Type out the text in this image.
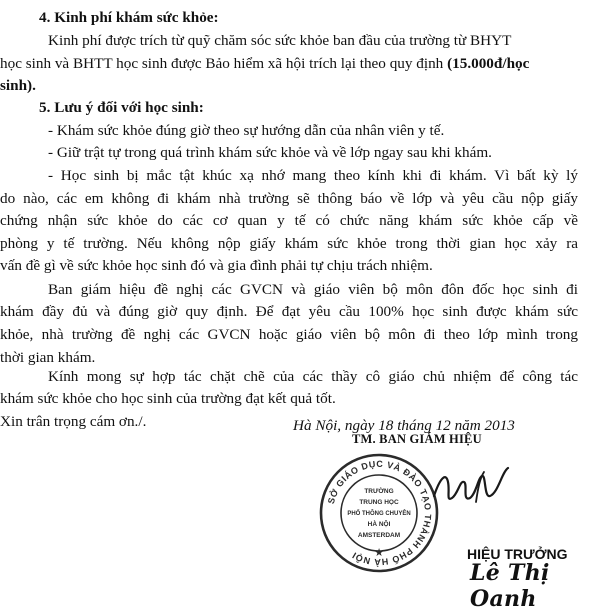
4. Kinh phí khám sức khỏe:
Kinh phí được trích từ quỹ chăm sóc sức khỏe ban đầu của trường từ BHYT
học sinh và BHTT học sinh được Bảo hiểm xã hội trích lại theo quy định (15.000đ/học
sinh).
5. Lưu ý đối với học sinh:
- Khám sức khỏe đúng giờ theo sự hướng dẫn của nhân viên y tế.
- Giữ trật tự trong quá trình khám sức khỏe và về lớp ngay sau khi khám.
- Học sinh bị mắc tật khúc xạ nhớ mang theo kính khi đi khám. Vì bất kỳ lý
do nào, các em không đi khám nhà trường sẽ thông báo về lớp và yêu cầu nộp giấy
chứng nhận sức khỏe do các cơ quan y tế có chức năng khám sức khỏe cấp về
phòng y tế trường. Nếu không nộp giấy khám sức khỏe trong thời gian học xảy ra
vấn đề gì về sức khỏe học sinh đó và gia đình phải tự chịu trách nhiệm.
Ban giám hiệu đề nghị các GVCN và giáo viên bộ môn đôn đốc học sinh đi
khám đầy đủ và đúng giờ quy định. Để đạt yêu cầu 100% học sinh được khám sức
khỏe, nhà trường đề nghị các GVCN hoặc giáo viên bộ môn đi theo lớp mình trong
thời gian khám.
Kính mong sự hợp tác chặt chẽ của các thầy cô giáo chủ nhiệm để công tác
khám sức khỏe cho học sinh của trường đạt kết quả tốt.
Xin trân trọng cám ơn./.	Hà Nội, ngày 18 tháng 12 năm 2013
TM. BAN GIÁM HIỆU
SỞ GIÁO DỤC VÀ ĐÀO TẠO THÀNH PHỐ HÀ NỘI
TRƯỜNG
TRUNG HỌC
PHỔ THÔNG CHUYÊN
HÀ NỘI
AMSTERDAM
★	HIỆU TRƯỞNG
Lê Thị Oanh
